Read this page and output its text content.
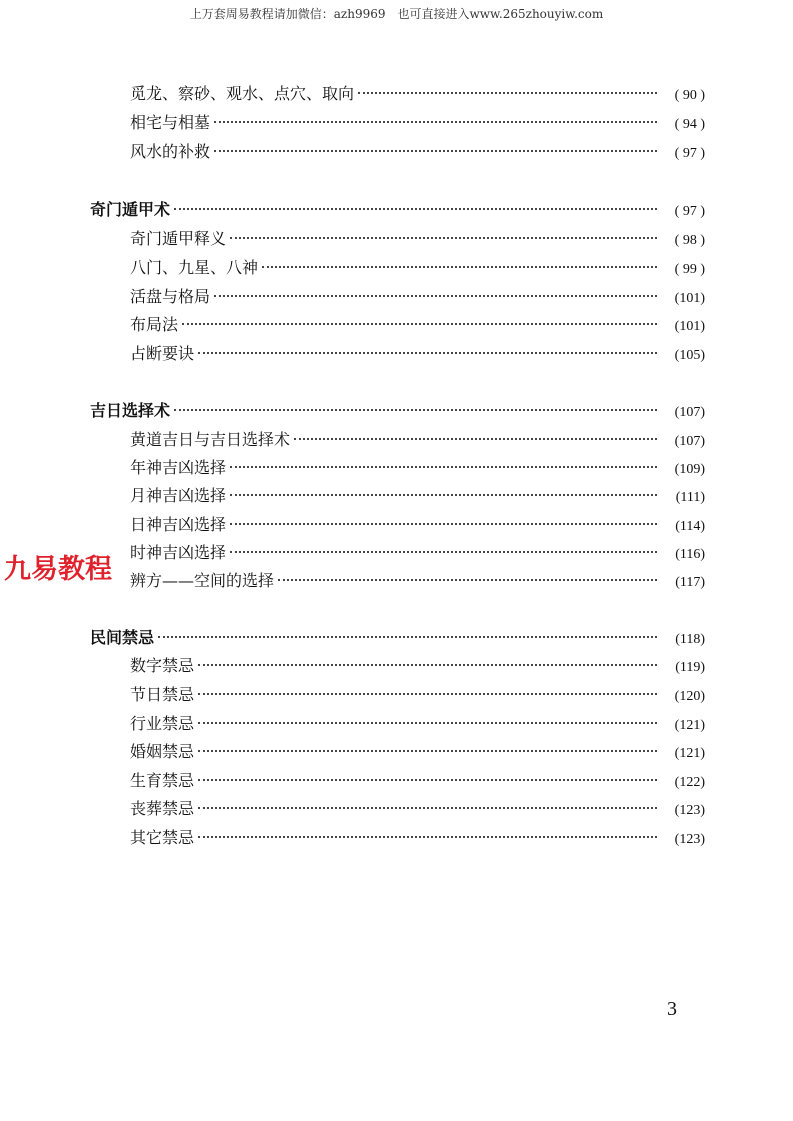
上万套周易教程请加微信：azh9969　也可直接进入www.265zhouyiw.com
觅龙、察砂、观水、点穴、取向	( 90 )
相宅与相墓	( 94 )
风水的补救	( 97 )
奇门遁甲术	( 97 )
奇门遁甲释义	( 98 )
八门、九星、八神	( 99 )
活盘与格局	(101)
布局法	(101)
占断要诀	(105)
吉日选择术	(107)
黄道吉日与吉日选择术	(107)
年神吉凶选择	(109)
月神吉凶选择	(111)
日神吉凶选择	(114)
时神吉凶选择	(116)
辨方——空间的选择	(117)
民间禁忌	(118)
数字禁忌	(119)
节日禁忌	(120)
行业禁忌	(121)
婚姻禁忌	(121)
生育禁忌	(122)
丧葬禁忌	(123)
其它禁忌	(123)
九易教程
3
